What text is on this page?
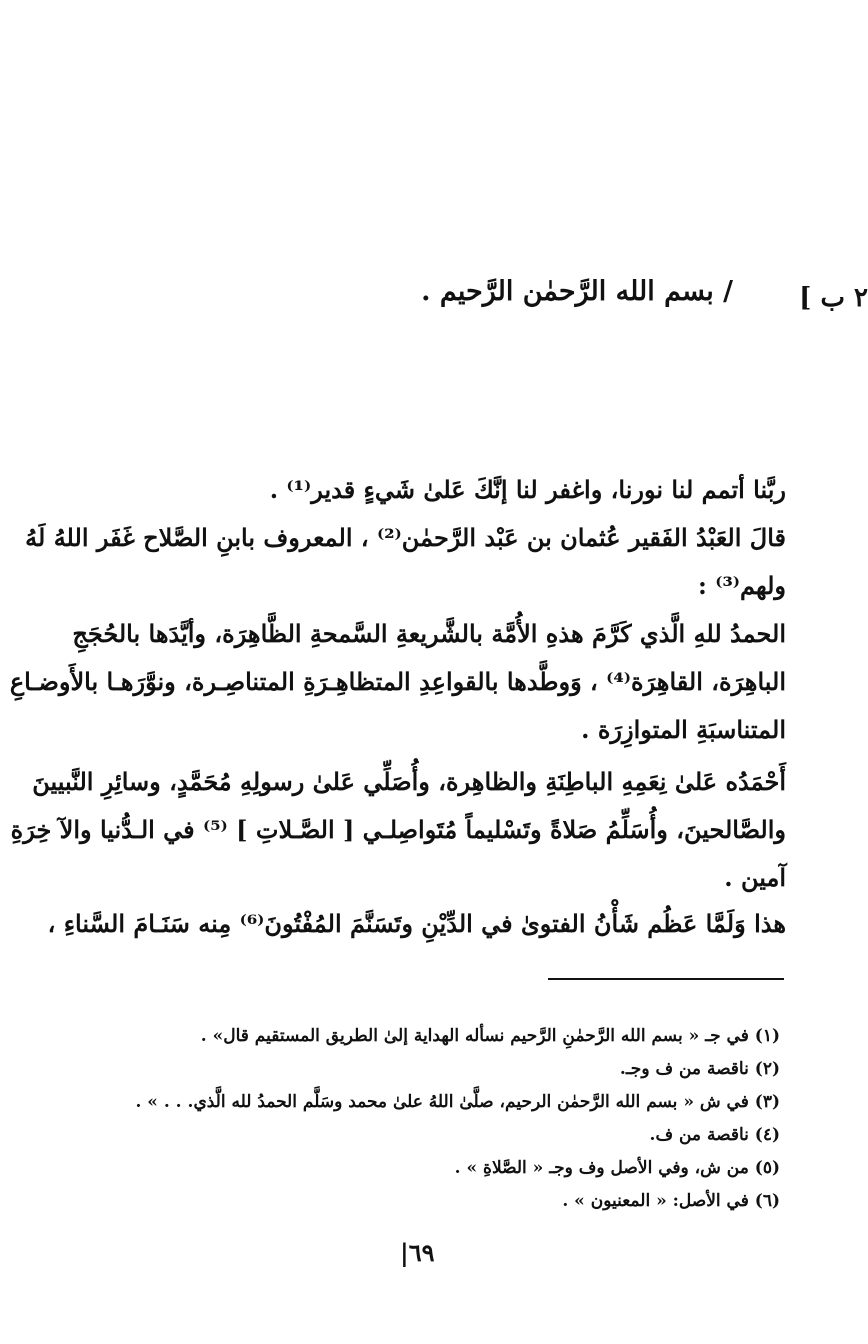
٢ ب ]
/ بسم الله الرَّحمٰن الرَّحيم .
ربَّنا أتمم لنا نورنا، واغفر لنا إنَّكَ عَلىٰ شَيءٍ قدير⁽¹⁾ .
قالَ العَبْدُ الفَقير عُثمان بن عَبْد الرَّحمٰن⁽²⁾ ، المعروف بابنِ الصَّلاح غَفَر اللهُ لَهُ
ولهم⁽³⁾ :
الحمدُ للهِ الَّذي كَرَّمَ هذهِ الأُمَّة بالشَّريعةِ السَّمحةِ الظَّاهِرَة، وأيَّدَها بالحُجَجِ
الباهِرَة، القاهِرَة⁽⁴⁾ ، وَوطَّدها بالقواعِدِ المتظاهِـرَةِ المتناصِـرة، ونوَّرَهـا بالأَوضـاعِ
المتناسبَةِ المتوازِرَة .
أَحْمَدُه عَلىٰ نِعَمِهِ الباطِنَةِ والظاهِرة، وأُصَلِّي عَلىٰ رسولِهِ مُحَمَّدٍ، وسائِرِ النَّبيينَ
والصَّالحينَ، وأُسَلِّمُ صَلاةً وتَسْليماً مُتَواصِلـي [ الصَّـلاتِ ] ⁽⁵⁾ في الـدُّنيا والآ خِرَةِ
آمين .
هذا وَلَمَّا عَظُم شَأْنُ الفتوىٰ في الدِّيْنِ وتَسَنَّمَ المُفْتُونَ⁽⁶⁾ مِنه سَنَـامَ السَّناءِ ،
(١) في جـ « بسم الله الرَّحمٰنِ الرَّحيم نسأله الهداية إلىٰ الطريق المستقيم قال» .
(٢) ناقصة من ف وجـ.
(٣) في ش « بسم الله الرَّحمٰن الرحيم، صلَّىٰ اللهُ علىٰ محمد وسَلَّم الحمدُ لله الَّذي. . . » .
(٤) ناقصة من ف.
(٥) من ش، وفي الأصل وف وجـ « الصَّلاةِ » .
(٦) في الأصل: « المعنيون » .
|٦٩
